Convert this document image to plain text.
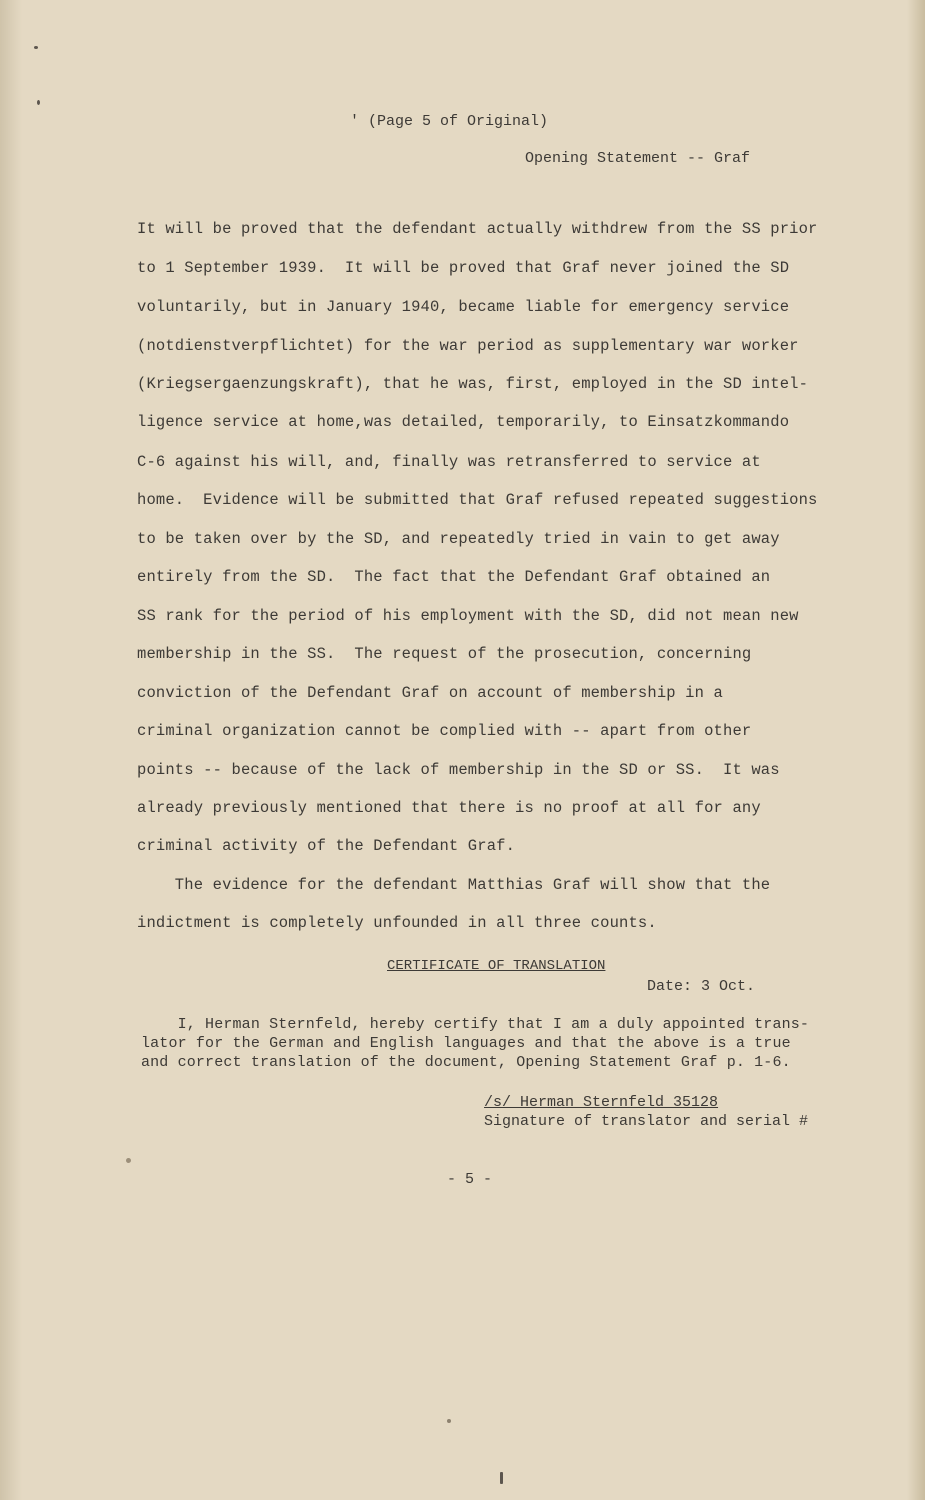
' (Page 5 of Original)
Opening Statement -- Graf
It will be proved that the defendant actually withdrew from the SS prior
to 1 September 1939.  It will be proved that Graf never joined the SD
voluntarily, but in January 1940, became liable for emergency service
(notdienstverpflichtet) for the war period as supplementary war worker
(Kriegsergaenzungskraft), that he was, first, employed in the SD intel-
ligence service at home,was detailed, temporarily, to Einsatzkommando
C-6 against his will, and, finally was retransferred to service at
home.  Evidence will be submitted that Graf refused repeated suggestions
to be taken over by the SD, and repeatedly tried in vain to get away
entirely from the SD.  The fact that the Defendant Graf obtained an
SS rank for the period of his employment with the SD, did not mean new
membership in the SS.  The request of the prosecution, concerning
conviction of the Defendant Graf on account of membership in a
criminal organization cannot be complied with -- apart from other
points -- because of the lack of membership in the SD or SS.  It was
already previously mentioned that there is no proof at all for any
criminal activity of the Defendant Graf.
The evidence for the defendant Matthias Graf will show that the
indictment is completely unfounded in all three counts.
CERTIFICATE OF TRANSLATION
Date: 3 Oct.
I, Herman Sternfeld, hereby certify that I am a duly appointed trans-
lator for the German and English languages and that the above is a true
and correct translation of the document, Opening Statement Graf p. 1-6.
/s/ Herman Sternfeld 35128
Signature of translator and serial #
- 5 -
